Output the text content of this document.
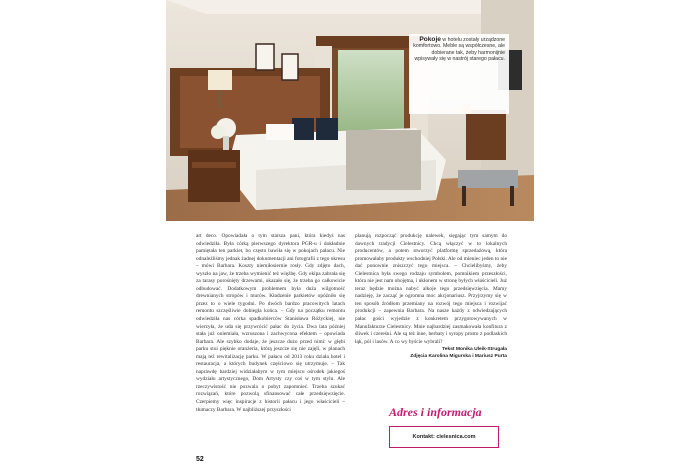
Pokoje w hotelu zostały urządzone komfortowo. Meble są współczesne, ale dobierane tak, żeby harmonijnie wpisywały się w nastrój starego pałacu.

art deco. Opowiadała o tym starsza pani, która kiedyś nas odwiedziła. Była córką pierwszego dyrektora PGR-u i dokładnie pamiętała ten parkiet, bo często bawiła się w pokojach pałacu. Nie odnaleźliśmy jednak żadnej dokumentacji ani fotografii z tego okresu – mówi Barbara. Koszty niemiłosiernie rosły. Gdy zdjęto dach, wyszło na jaw, że trzeba wymienić też więźbę. Gdy ekipa zabrała się za tarasy porośnięty drzewami, okazało się, że trzeba go całkowicie odbudować. Dodatkowym problemem była duża wilgotność drewnianych stropów i murów. Kładzenie parkietów opóźniło się przez to o wiele tygodni. Po dwóch bardzo pracowitych latach remontu szczęśliwie dobiegła końca. – Gdy na początku remontu odwiedziła nas córka spadkobierców Stanisława Różyckiej, nie wierzyła, że uda się przywrócić pałac do życia. Dwa lata później stała już oniemiała, wzruszona i zachwycona efektem – opowiada Barbara. Ale szybko dodaje, że jeszcze dużo przed nimi: w głębi parku stoi pięknie oranżeria, którą jeszcze się nie zajęli, w planach mają też rewitalizację parku. W pałacu od 2013 roku działa hotel i restauracja, a których budynek częściowo się utrzymuje. – Tak naprawdę bardziej widziałabym w tym miejscu ośrodek jakiegoś wydziału artystycznego, Dom Artysty czy coś w tym stylu. Ale rzeczywistość nie pozwala o pobyt zapomnieć. Trzeba szukać rozwiązań, które pozwolą sfinansować całe przedsięwzięcie. Czerpiemy więc inspiracje z historii pałacu i jego właścicieli – tłumaczy Barbara. W najbliższej przyszłości

planują rozpocząć produkcję nalewek, sięgając tym samym do dawnych tradycji Cielestnicy. Chcą włączyć w to lokalnych producentów, a potem stworzyć platformę sprzedażową, która promowałaby produkty wschodniej Polski. Ale od mieniec jeden to nie dać ponownie zniszczyć tego miejsca. – Chcielibyśmy, żeby Cielestnica była swego rodzaju symbolem, pomnikiem przeszłości, która nie jest nam obojętna, i ukłonem w stronę byłych właścicieli. Już teraz będzie można nabyć alkoje tego przedsięwzięcia. Mamy nadzieję, że zacząć je ogromna moc akcjonariusz. Przyjrzymy się w ten sposób źródłom przemiany na rozwój tego miejsca i rozwijać produkcji – zapewnia Barbara. Na nasze każdy z odwiedzających pałac gości wyjedzie z konkretem przygotowywanych w Manufakturze Cielestnicy. Mnie najbardziej zasmakowała konfitura z śliwek i czereśni. Ale są też inne, herbaty i syropy prosto z podlaskich łąk, pól i lasów. A co wy byście wybrali?

Tekst Monika Uleik-Strugała
Zdjęcia Karolina Migurska i Mariusz Purta
Adres i informacja
Kontakt: cielesnica.com
52
